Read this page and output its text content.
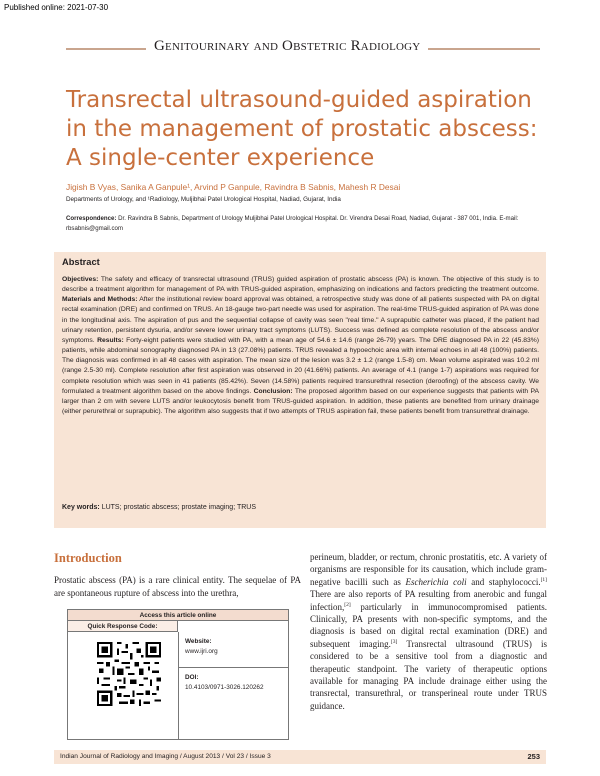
Published online: 2021-07-30
Genitourinary and Obstetric Radiology
Transrectal ultrasound-guided aspiration in the management of prostatic abscess: A single-center experience
Jigish B Vyas, Sanika A Ganpule¹, Arvind P Ganpule, Ravindra B Sabnis, Mahesh R Desai
Departments of Urology, and ¹Radiology, Muljibhai Patel Urological Hospital, Nadiad, Gujarat, India
Correspondence: Dr. Ravindra B Sabnis, Department of Urology Muljibhai Patel Urological Hospital. Dr. Virendra Desai Road, Nadiad, Gujarat - 387 001, India. E-mail: rbsabnis@gmail.com
Abstract
Objectives: The safety and efficacy of transrectal ultrasound (TRUS) guided aspiration of prostatic abscess (PA) is known. The objective of this study is to describe a treatment algorithm for management of PA with TRUS-guided aspiration, emphasizing on indications and factors predicting the treatment outcome. Materials and Methods: After the institutional review board approval was obtained, a retrospective study was done of all patients suspected with PA on digital rectal examination (DRE) and confirmed on TRUS. An 18-gauge two-part needle was used for aspiration. The real-time TRUS-guided aspiration of PA was done in the longitudinal axis. The aspiration of pus and the sequential collapse of cavity was seen "real time." A suprapubic catheter was placed, if the patient had urinary retention, persistent dysuria, and/or severe lower urinary tract symptoms (LUTS). Success was defined as complete resolution of the abscess and/or symptoms. Results: Forty-eight patients were studied with PA, with a mean age of 54.6 ± 14.6 (range 26-79) years. The DRE diagnosed PA in 22 (45.83%) patients, while abdominal sonography diagnosed PA in 13 (27.08%) patients. TRUS revealed a hypoechoic area with internal echoes in all 48 (100%) patients. The diagnosis was confirmed in all 48 cases with aspiration. The mean size of the lesion was 3.2 ± 1.2 (range 1.5-8) cm. Mean volume aspirated was 10.2 ml (range 2.5-30 ml). Complete resolution after first aspiration was observed in 20 (41.66%) patients. An average of 4.1 (range 1-7) aspirations was required for complete resolution which was seen in 41 patients (85.42%). Seven (14.58%) patients required transurethral resection (deroofing) of the abscess cavity. We formulated a treatment algorithm based on the above findings. Conclusion: The proposed algorithm based on our experience suggests that patients with PA larger than 2 cm with severe LUTS and/or leukocytosis benefit from TRUS-guided aspiration. In addition, these patients are benefited from urinary drainage (either perurethral or suprapubic). The algorithm also suggests that if two attempts of TRUS aspiration fail, these patients benefit from transurethral drainage.
Key words: LUTS; prostatic abscess; prostate imaging; TRUS
Introduction
Prostatic abscess (PA) is a rare clinical entity. The sequelae of PA are spontaneous rupture of abscess into the urethra,
Access this article online
Quick Response Code:
Website:
www.ijri.org
DOI:
10.4103/0971-3026.120262
perineum, bladder, or rectum, chronic prostatitis, etc. A variety of organisms are responsible for its causation, which include gram-negative bacilli such as Escherichia coli and staphylococci.[1] There are also reports of PA resulting from anerobic and fungal infection,[2] particularly in immunocompromised patients. Clinically, PA presents with non-specific symptoms, and the diagnosis is based on digital rectal examination (DRE) and subsequent imaging.[3] Transrectal ultrasound (TRUS) is considered to be a sensitive tool from a diagnostic and therapeutic standpoint. The variety of therapeutic options available for managing PA include drainage either using the transrectal, transurethral, or transperineal route under TRUS guidance.
Indian Journal of Radiology and Imaging / August 2013 / Vol 23 / Issue 3	253
